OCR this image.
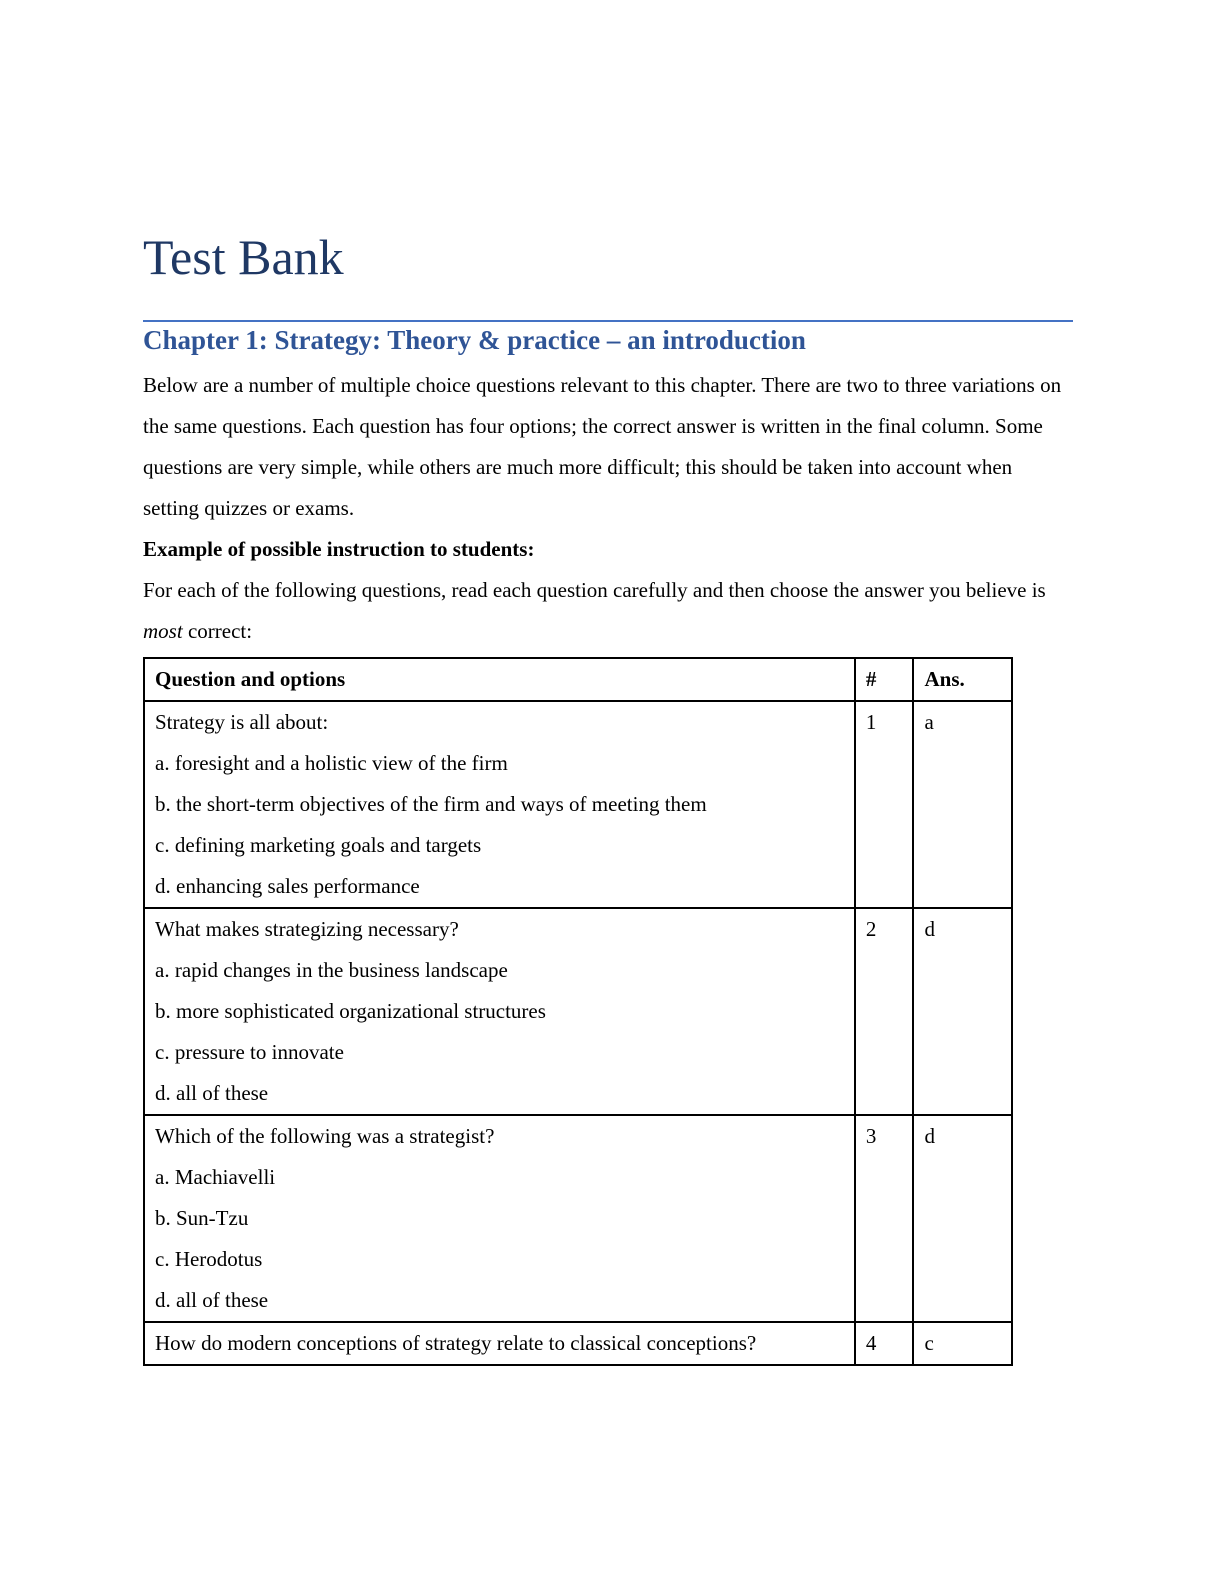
Test Bank
Chapter 1: Strategy: Theory & practice – an introduction

Below are a number of multiple choice questions relevant to this chapter. There are two to three variations on the same questions. Each question has four options; the correct answer is written in the final column. Some questions are very simple, while others are much more difficult; this should be taken into account when setting quizzes or exams.

Example of possible instruction to students:

For each of the following questions, read each question carefully and then choose the answer you believe is most correct:

Question and options	#	Ans.

Strategy is all about:
a. foresight and a holistic view of the firm
b. the short-term objectives of the firm and ways of meeting them
c. defining marketing goals and targets
d. enhancing sales performance	1	a

What makes strategizing necessary?
a. rapid changes in the business landscape
b. more sophisticated organizational structures
c. pressure to innovate
d. all of these	2	d

Which of the following was a strategist?
a. Machiavelli
b. Sun-Tzu
c. Herodotus
d. all of these	3	d

How do modern conceptions of strategy relate to classical conceptions?	4	c
